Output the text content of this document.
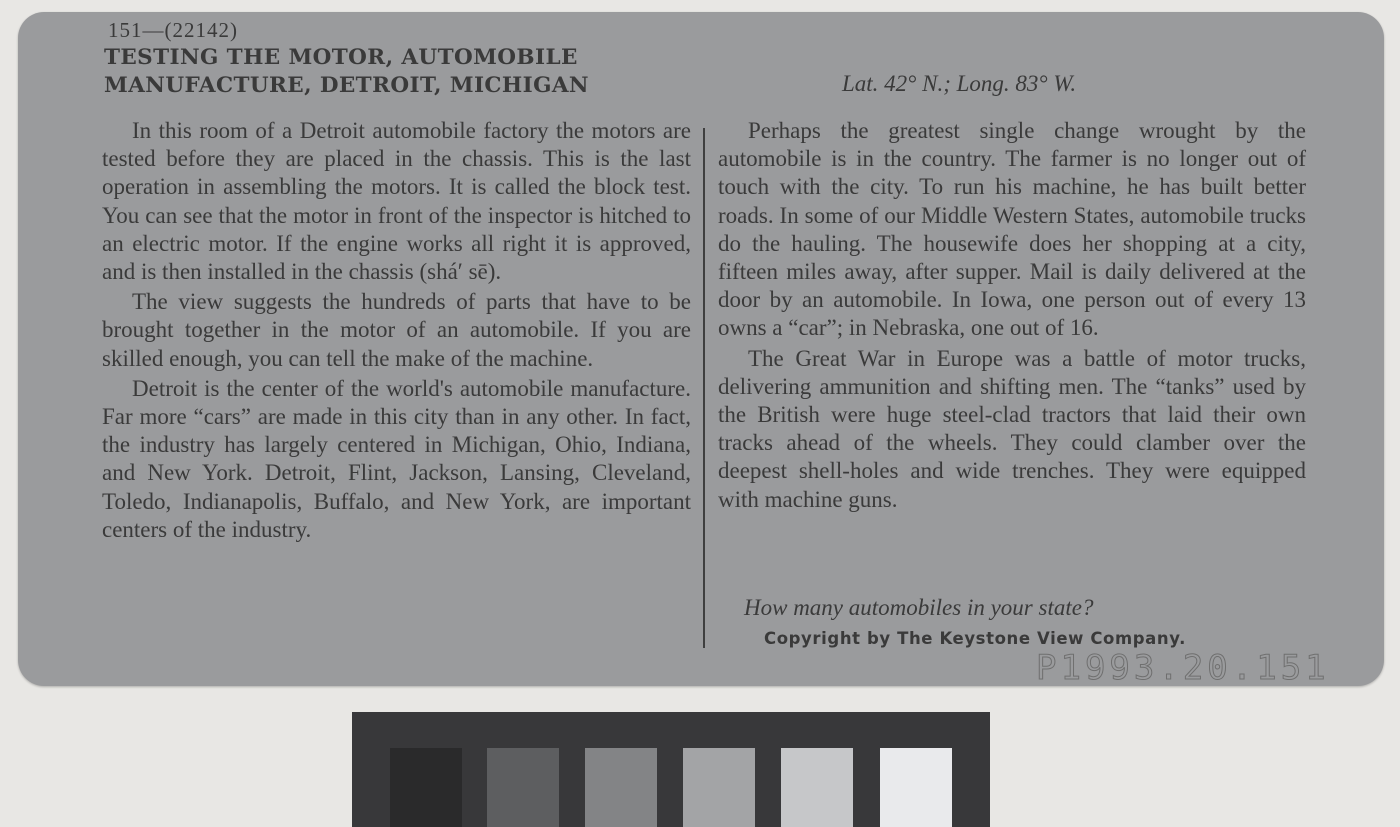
151—(22142)
TESTING THE MOTOR, AUTOMOBILE
MANUFACTURE, DETROIT, MICHIGAN	Lat. 42° N.; Long. 83° W.

In this room of a Detroit automobile factory the motors are tested before they are placed in the chassis. This is the last operation in assembling the motors. It is called the block test. You can see that the motor in front of the inspector is hitched to an electric motor. If the engine works all right it is approved, and is then installed in the chassis (shá′ sē).

The view suggests the hundreds of parts that have to be brought together in the motor of an automobile. If you are skilled enough, you can tell the make of the machine.

Detroit is the center of the world's automobile manufacture. Far more “cars” are made in this city than in any other. In fact, the industry has largely centered in Michigan, Ohio, Indiana, and New York. Detroit, Flint, Jackson, Lansing, Cleveland, Toledo, Indianapolis, Buffalo, and New York, are important centers of the industry.

Perhaps the greatest single change wrought by the automobile is in the country. The farmer is no longer out of touch with the city. To run his machine, he has built better roads. In some of our Middle Western States, automobile trucks do the hauling. The housewife does her shopping at a city, fifteen miles away, after supper. Mail is daily delivered at the door by an automobile. In Iowa, one person out of every 13 owns a “car”; in Nebraska, one out of 16.

The Great War in Europe was a battle of motor trucks, delivering ammunition and shifting men. The “tanks” used by the British were huge steel-clad tractors that laid their own tracks ahead of the wheels. They could clamber over the deepest shell-holes and wide trenches. They were equipped with machine guns.

How many automobiles in your state?
Copyright by The Keystone View Company.
P1993.20.151
